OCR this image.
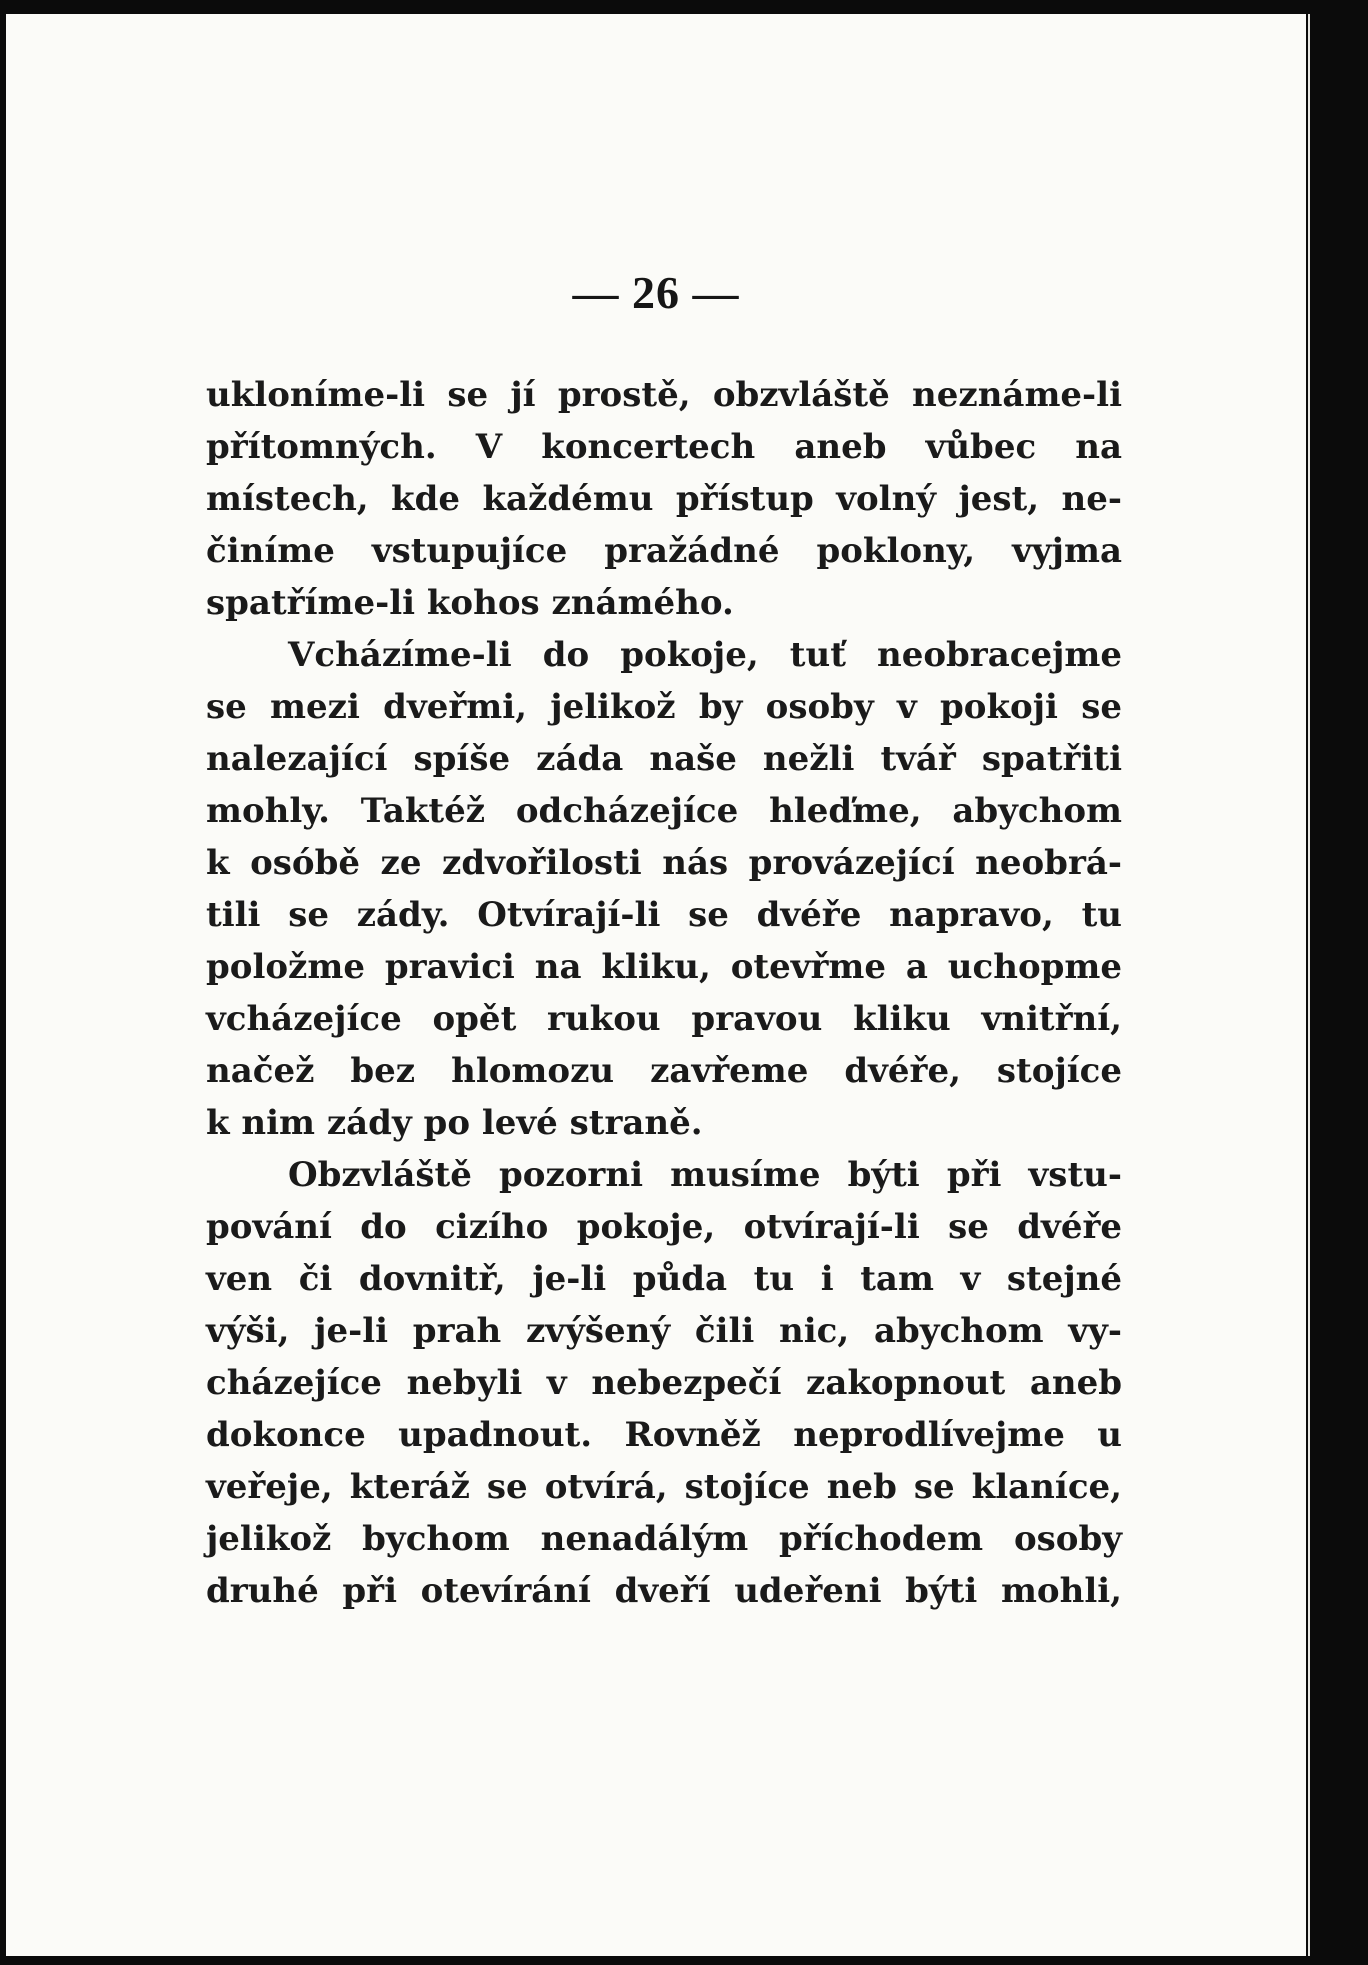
— 26 —
ukloníme-li se jí prostě, obzvláště neznáme-li
přítomných. V koncertech aneb vůbec na
místech, kde každému přístup volný jest, ne-
činíme vstupujíce pražádné poklony, vyjma
spatříme-li kohos známého.
Vcházíme-li do pokoje, tuť neobracejme
se mezi dveřmi, jelikož by osoby v pokoji se
nalezající spíše záda naše nežli tvář spatřiti
mohly. Taktéž odcházejíce hleďme, abychom
k osóbě ze zdvořilosti nás provázející neobrá-
tili se zády. Otvírají-li se dvéře napravo, tu
položme pravici na kliku, otevřme a uchopme
vcházejíce opět rukou pravou kliku vnitřní,
načež bez hlomozu zavřeme dvéře, stojíce
k nim zády po levé straně.
Obzvláště pozorni musíme býti při vstu-
pování do cizího pokoje, otvírají-li se dvéře
ven či dovnitř, je-li půda tu i tam v stejné
výši, je-li prah zvýšený čili nic, abychom vy-
cházejíce nebyli v nebezpečí zakopnout aneb
dokonce upadnout. Rovněž neprodlívejme u
veřeje, kteráž se otvírá, stojíce neb se klaníce,
jelikož bychom nenadálým příchodem osoby
druhé při otevírání dveří udeřeni býti mohli,
